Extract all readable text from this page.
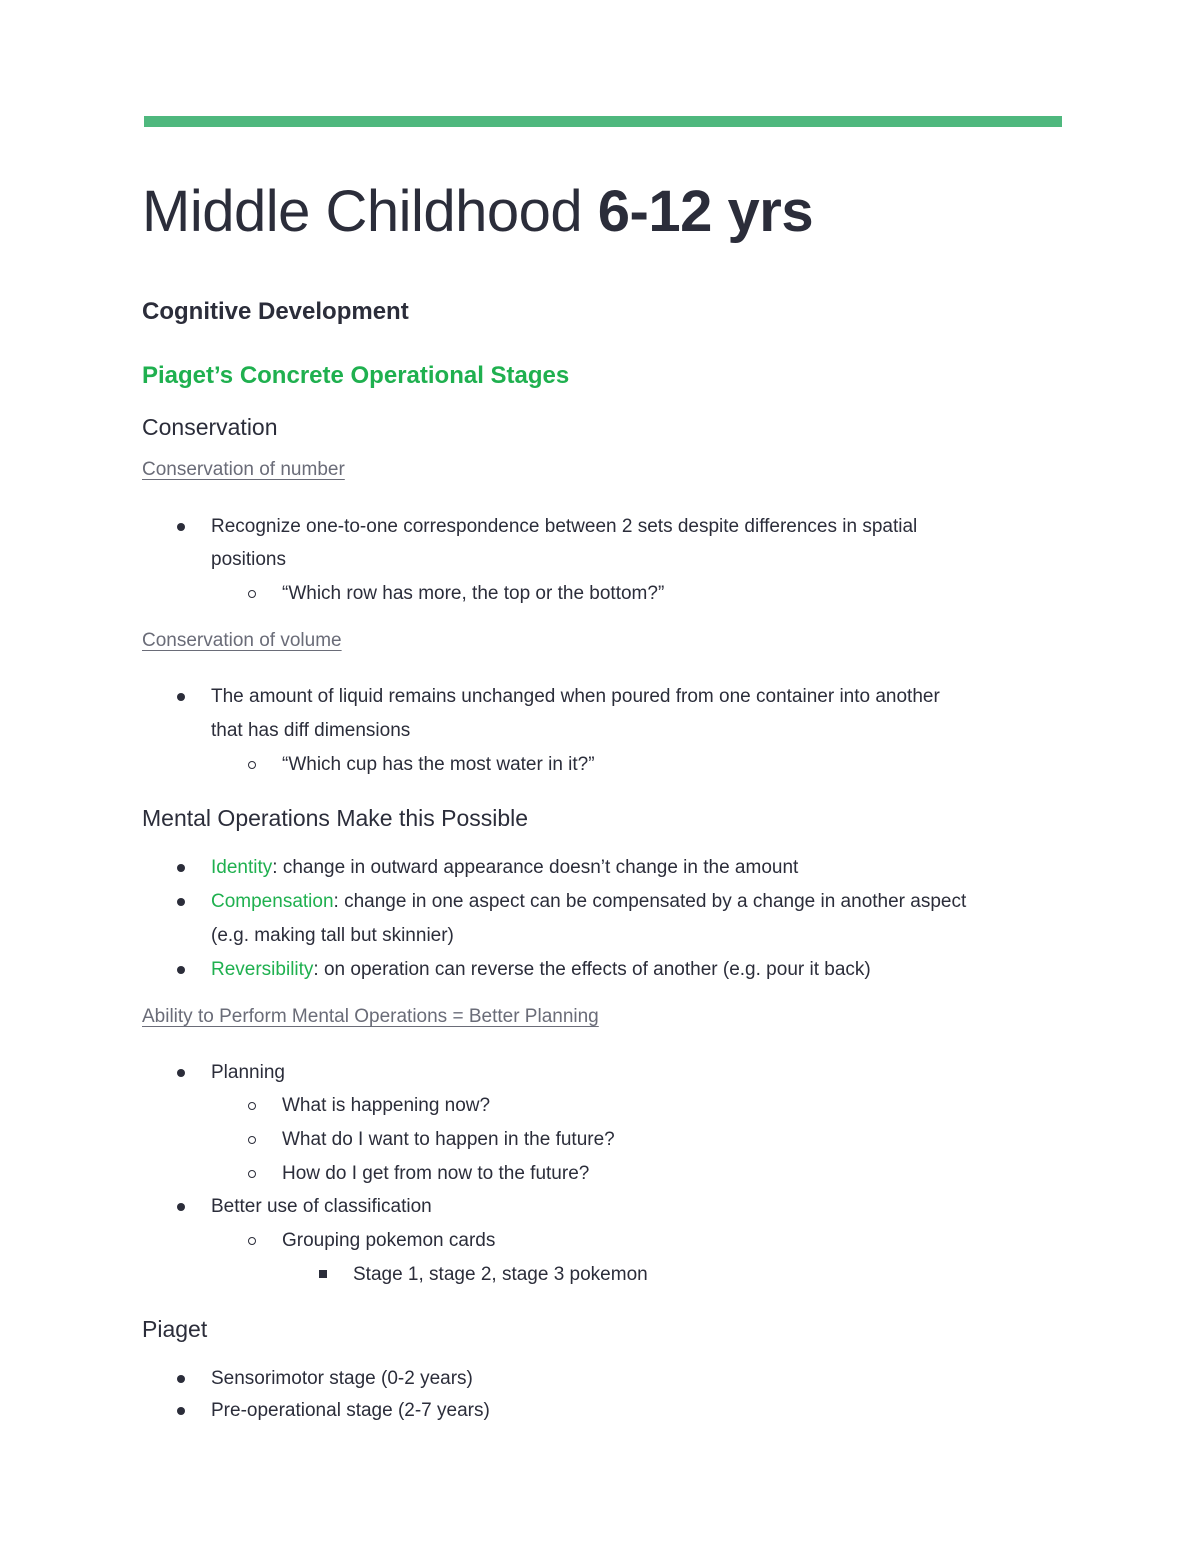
Middle Childhood 6-12 yrs
Cognitive Development
Piaget’s Concrete Operational Stages
Conservation

Conservation of number

Recognize one-to-one correspondence between 2 sets despite differences in spatial

positions

“Which row has more, the top or the bottom?”

Conservation of volume

The amount of liquid remains unchanged when poured from one container into another

that has diff dimensions

“Which cup has the most water in it?”

Mental Operations Make this Possible

Identity: change in outward appearance doesn’t change in the amount

Compensation: change in one aspect can be compensated by a change in another aspect

(e.g. making tall but skinnier)

Reversibility: on operation can reverse the effects of another (e.g. pour it back)

Ability to Perform Mental Operations = Better Planning

Planning

What is happening now?

What do I want to happen in the future?

How do I get from now to the future?

Better use of classification

Grouping pokemon cards

Stage 1, stage 2, stage 3 pokemon

Piaget

Sensorimotor stage (0-2 years)

Pre-operational stage (2-7 years)
